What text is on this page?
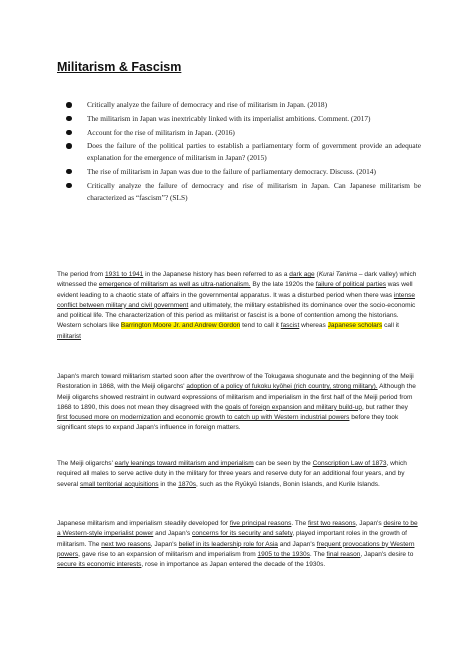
Militarism & Fascism
Critically analyze the failure of democracy and rise of militarism in Japan. (2018)
The militarism in Japan was inextricably linked with its imperialist ambitions. Comment. (2017)
Account for the rise of militarism in Japan. (2016)
Does the failure of the political parties to establish a parliamentary form of government provide an adequate explanation for the emergence of militarism in Japan? (2015)
The rise of militarism in Japan was due to the failure of parliamentary democracy. Discuss. (2014)
Critically analyze the failure of democracy and rise of militarism in Japan. Can Japanese militarism be characterized as “fascism”? (SLS)

The period from 1931 to 1941 in the Japanese history has been referred to as a dark age (Kurai Tanima – dark valley) which witnessed the emergence of militarism as well as ultra-nationalism. By the late 1920s the failure of political parties was well evident leading to a chaotic state of affairs in the governmental apparatus. It was a disturbed period when there was intense conflict between military and civil government and ultimately, the military established its dominance over the socio-economic and political life. The characterization of this period as militarist or fascist is a bone of contention among the historians. Western scholars like Barrington Moore Jr. and Andrew Gordon tend to call it fascist whereas Japanese scholars call it militarist

Japan's march toward militarism started soon after the overthrow of the Tokugawa shogunate and the beginning of the Meiji Restoration in 1868, with the Meiji oligarchs' adoption of a policy of fukoku kyōhei (rich country, strong military). Although the Meiji oligarchs showed restraint in outward expressions of militarism and imperialism in the first half of the Meiji period from 1868 to 1890, this does not mean they disagreed with the goals of foreign expansion and military build-up, but rather they first focused more on modernization and economic growth to catch up with Western industrial powers before they took significant steps to expand Japan's influence in foreign matters.

The Meiji oligarchs' early leanings toward militarism and imperialism can be seen by the Conscription Law of 1873, which required all males to serve active duty in the military for three years and reserve duty for an additional four years, and by several small territorial acquisitions in the 1870s, such as the Ryūkyū Islands, Bonin Islands, and Kurile Islands.

Japanese militarism and imperialism steadily developed for five principal reasons. The first two reasons, Japan's desire to be a Western-style imperialist power and Japan's concerns for its security and safety, played important roles in the growth of militarism. The next two reasons, Japan's belief in its leadership role for Asia and Japan's frequent provocations by Western powers, gave rise to an expansion of militarism and imperialism from 1905 to the 1930s. The final reason, Japan's desire to secure its economic interests, rose in importance as Japan entered the decade of the 1930s.
